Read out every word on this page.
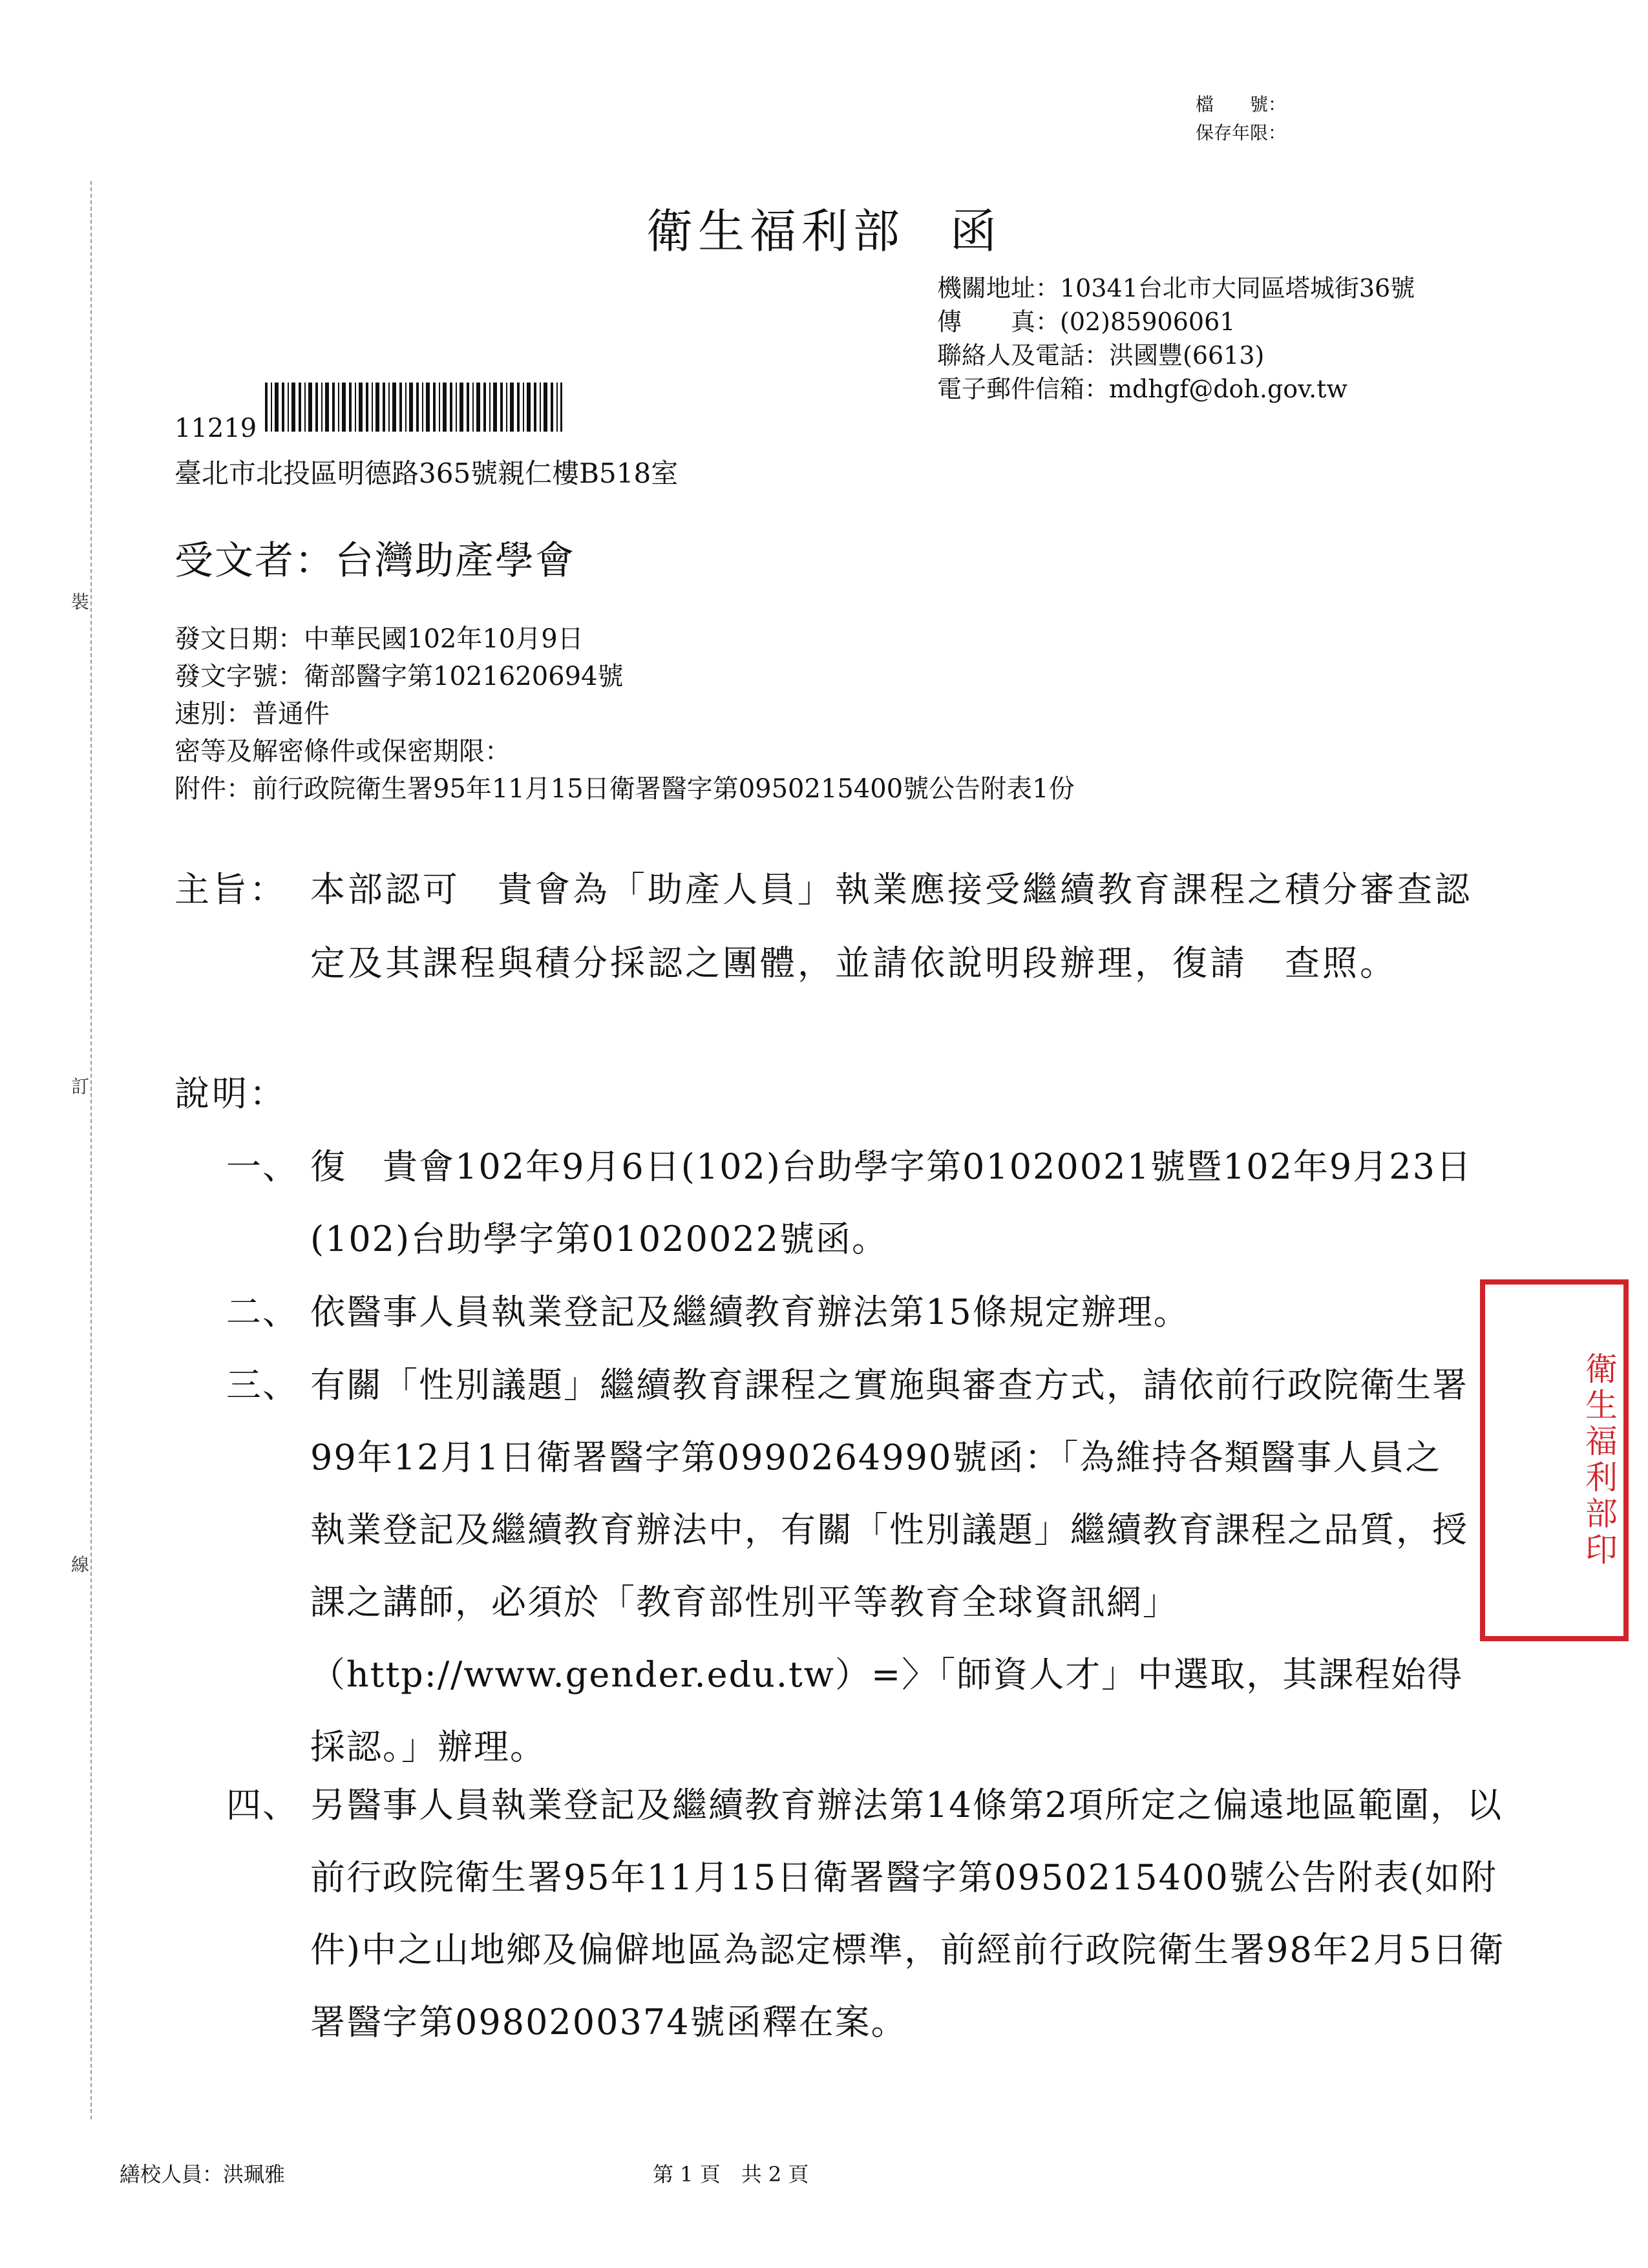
檔　　號：
保存年限：
裝
訂
線
衛生福利部 函
機關地址：10341台北市大同區塔城街36號
傳　　真：(02)85906061
聯絡人及電話：洪國豐(6613)
電子郵件信箱：mdhgf@doh.gov.tw
11219
臺北市北投區明德路365號親仁樓B518室
受文者：台灣助產學會
發文日期：中華民國102年10月9日
發文字號：衛部醫字第1021620694號
速別：普通件
密等及解密條件或保密期限：
附件：前行政院衛生署95年11月15日衛署醫字第0950215400號公告附表1份
主旨： 本部認可　貴會為「助產人員」執業應接受繼續教育課程之積分審查認定及其課程與積分採認之團體，並請依說明段辦理，復請　查照。
說明：
一、 復　貴會102年9月6日(102)台助學字第01020021號暨102年9月23日(102)台助學字第01020022號函。
二、 依醫事人員執業登記及繼續教育辦法第15條規定辦理。
三、 有關「性別議題」繼續教育課程之實施與審查方式，請依前行政院衛生署99年12月1日衛署醫字第0990264990號函：「為維持各類醫事人員之執業登記及繼續教育辦法中，有關「性別議題」繼續教育課程之品質，授課之講師，必須於「教育部性別平等教育全球資訊網」（http://www.gender.edu.tw）=〉「師資人才」中選取，其課程始得採認。」辦理。
四、 另醫事人員執業登記及繼續教育辦法第14條第2項所定之偏遠地區範圍，以前行政院衛生署95年11月15日衛署醫字第0950215400號公告附表(如附件)中之山地鄉及偏僻地區為認定標準，前經前行政院衛生署98年2月5日衛署醫字第0980200374號函釋在案。
衛生福利部印
繕校人員：洪珮雅	第 1 頁　共 2 頁
